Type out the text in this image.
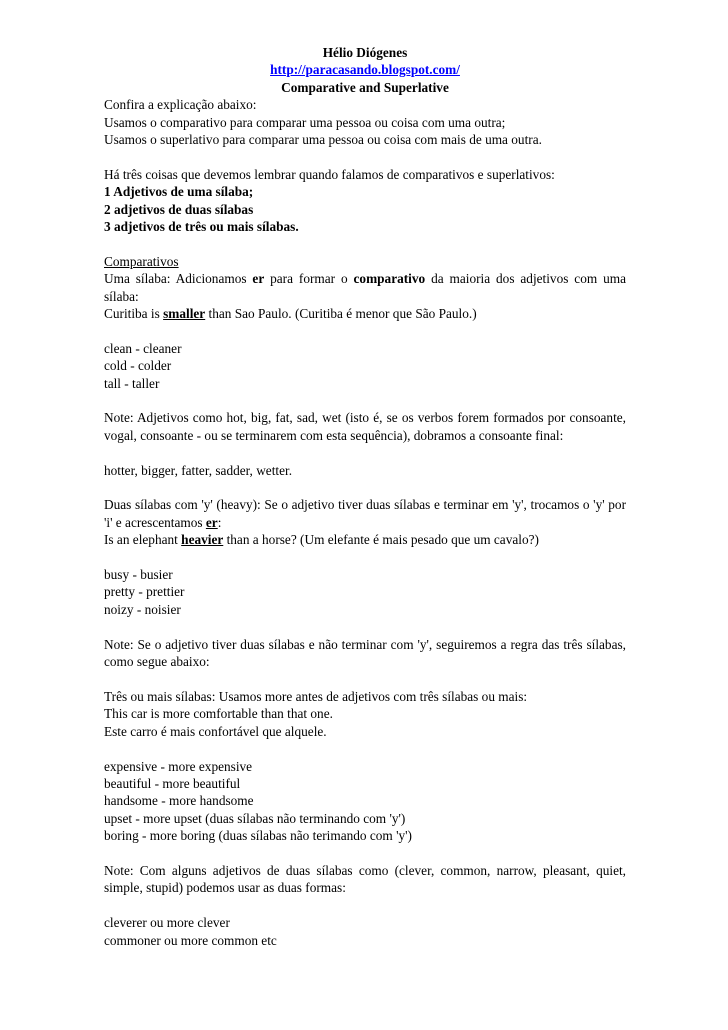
Hélio Diógenes
http://paracasando.blogspot.com/
Comparative and Superlative
Confira a explicação abaixo:
Usamos o comparativo para comparar uma pessoa ou coisa com uma outra;
Usamos o superlativo para comparar uma pessoa ou coisa com mais de uma outra.
Há três coisas que devemos lembrar quando falamos de comparativos e superlativos:
1 Adjetivos de uma sílaba;
2 adjetivos de duas sílabas
3 adjetivos de três ou mais sílabas.
Comparativos
Uma sílaba: Adicionamos er para formar o comparativo da maioria dos adjetivos com uma sílaba:
Curitiba is smaller than Sao Paulo. (Curitiba é menor que São Paulo.)
clean - cleaner
cold - colder
tall - taller
Note: Adjetivos como hot, big, fat, sad, wet (isto é, se os verbos forem formados por consoante, vogal, consoante - ou se terminarem com esta sequência), dobramos a consoante final:
hotter, bigger, fatter, sadder, wetter.
Duas sílabas com 'y' (heavy): Se o adjetivo tiver duas sílabas e terminar em 'y', trocamos o 'y' por 'i' e acrescentamos er:
Is an elephant heavier than a horse? (Um elefante é mais pesado que um cavalo?)
busy - busier
pretty - prettier
noizy - noisier
Note: Se o adjetivo tiver duas sílabas e não terminar com 'y', seguiremos a regra das três sílabas, como segue abaixo:
Três ou mais sílabas: Usamos more antes de adjetivos com três sílabas ou mais:
This car is more comfortable than that one.
Este carro é mais confortável que alquele.
expensive - more expensive
beautiful - more beautiful
handsome - more handsome
upset - more upset (duas sílabas não terminando com 'y')
boring - more boring (duas sílabas não terimando com 'y')
Note: Com alguns adjetivos de duas sílabas como (clever, common, narrow, pleasant, quiet, simple, stupid) podemos usar as duas formas:
cleverer ou more clever
commoner ou more common etc
